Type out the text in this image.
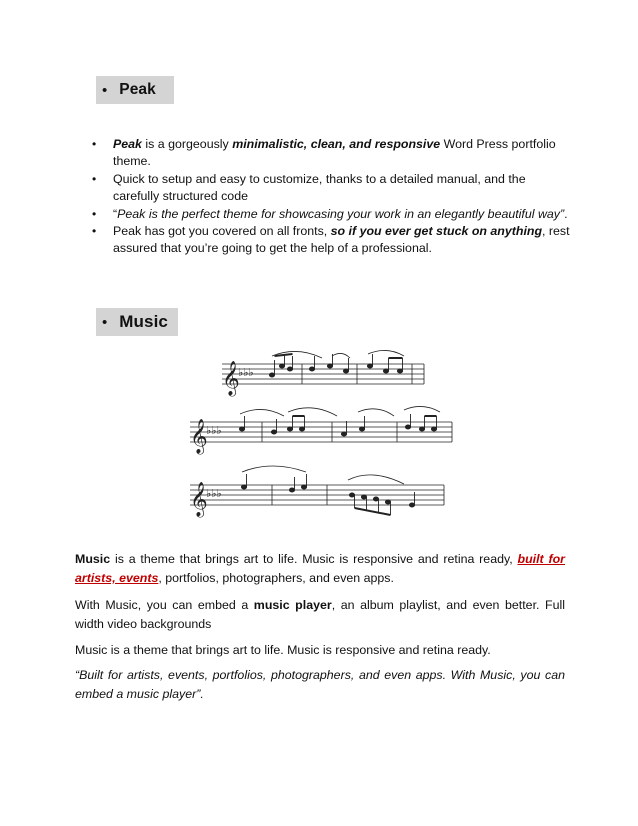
• Peak
• Peak is a gorgeously minimalistic, clean, and responsive Word Press portfolio theme.
• Quick to setup and easy to customize, thanks to a detailed manual, and the carefully structured code
• “Peak is the perfect theme for showcasing your work in an elegantly beautiful way”.
• Peak has got you covered on all fronts, so if you ever get stuck on anything, rest assured that you’re going to get the help of a professional.
• Music
𝄞
𝄞
𝄞
♭♭♭
♭♭♭
♭♭♭
Music is a theme that brings art to life. Music is responsive and retina ready, built for artists, events, portfolios, photographers, and even apps.
With Music, you can embed a music player, an album playlist, and even better. Full width video backgrounds
Music is a theme that brings art to life. Music is responsive and retina ready.
“Built for artists, events, portfolios, photographers, and even apps. With Music, you can embed a music player”.
